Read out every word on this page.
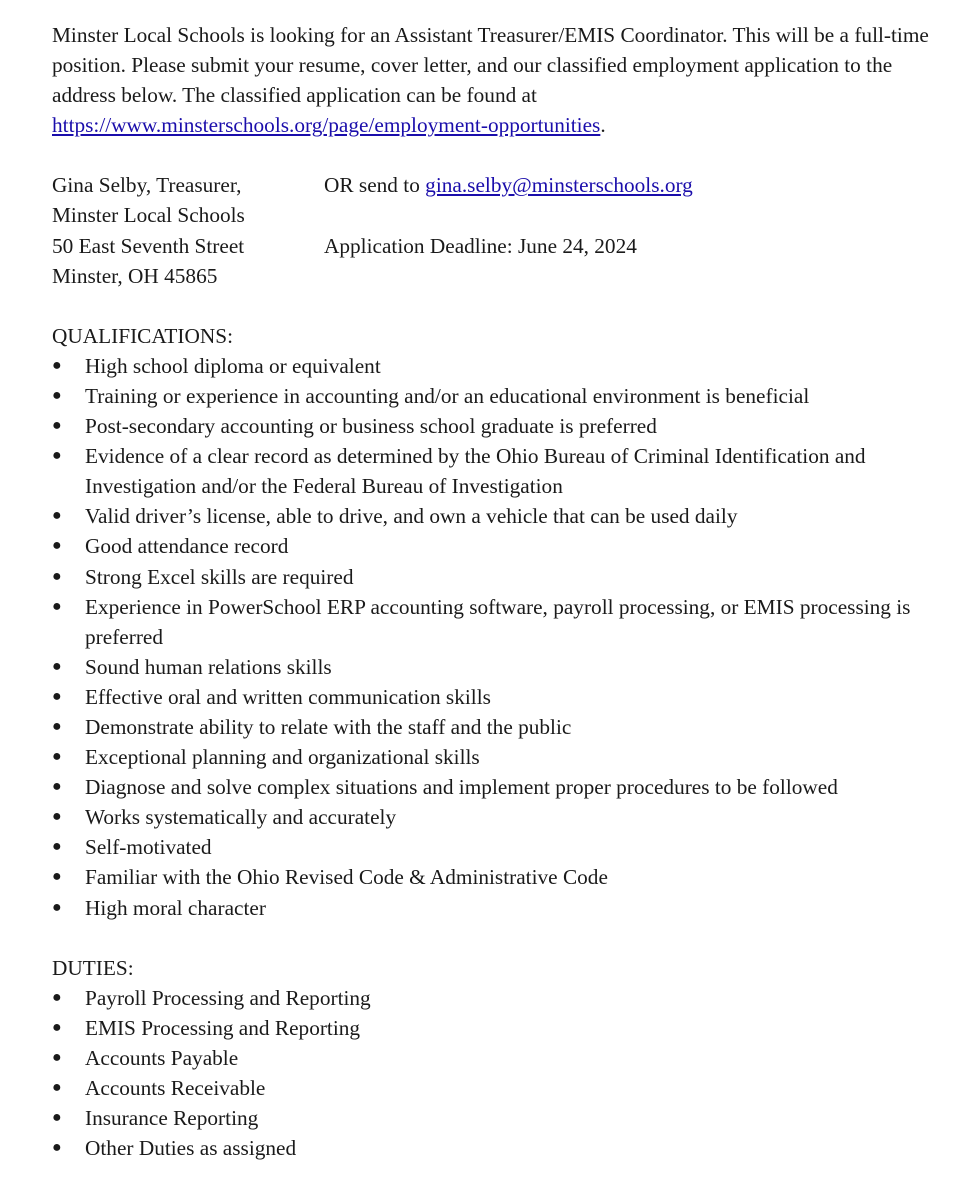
Minster Local Schools is looking for an Assistant Treasurer/EMIS Coordinator. This will be a full-time position. Please submit your resume, cover letter, and our classified employment application to the address below. The classified application can be found at https://www.minsterschools.org/page/employment-opportunities.

Gina Selby, Treasurer,	OR send to gina.selby@minsterschools.org
Minster Local Schools
50 East Seventh Street	Application Deadline: June 24, 2024
Minster, OH 45865
QUALIFICATIONS:
● High school diploma or equivalent
● Training or experience in accounting and/or an educational environment is beneficial
● Post-secondary accounting or business school graduate is preferred
● Evidence of a clear record as determined by the Ohio Bureau of Criminal Identification and Investigation and/or the Federal Bureau of Investigation
● Valid driver’s license, able to drive, and own a vehicle that can be used daily
● Good attendance record
● Strong Excel skills are required
● Experience in PowerSchool ERP accounting software, payroll processing, or EMIS processing is preferred
● Sound human relations skills
● Effective oral and written communication skills
● Demonstrate ability to relate with the staff and the public
● Exceptional planning and organizational skills
● Diagnose and solve complex situations and implement proper procedures to be followed
● Works systematically and accurately
● Self-motivated
● Familiar with the Ohio Revised Code & Administrative Code
● High moral character
DUTIES:
● Payroll Processing and Reporting
● EMIS Processing and Reporting
● Accounts Payable
● Accounts Receivable
● Insurance Reporting
● Other Duties as assigned
